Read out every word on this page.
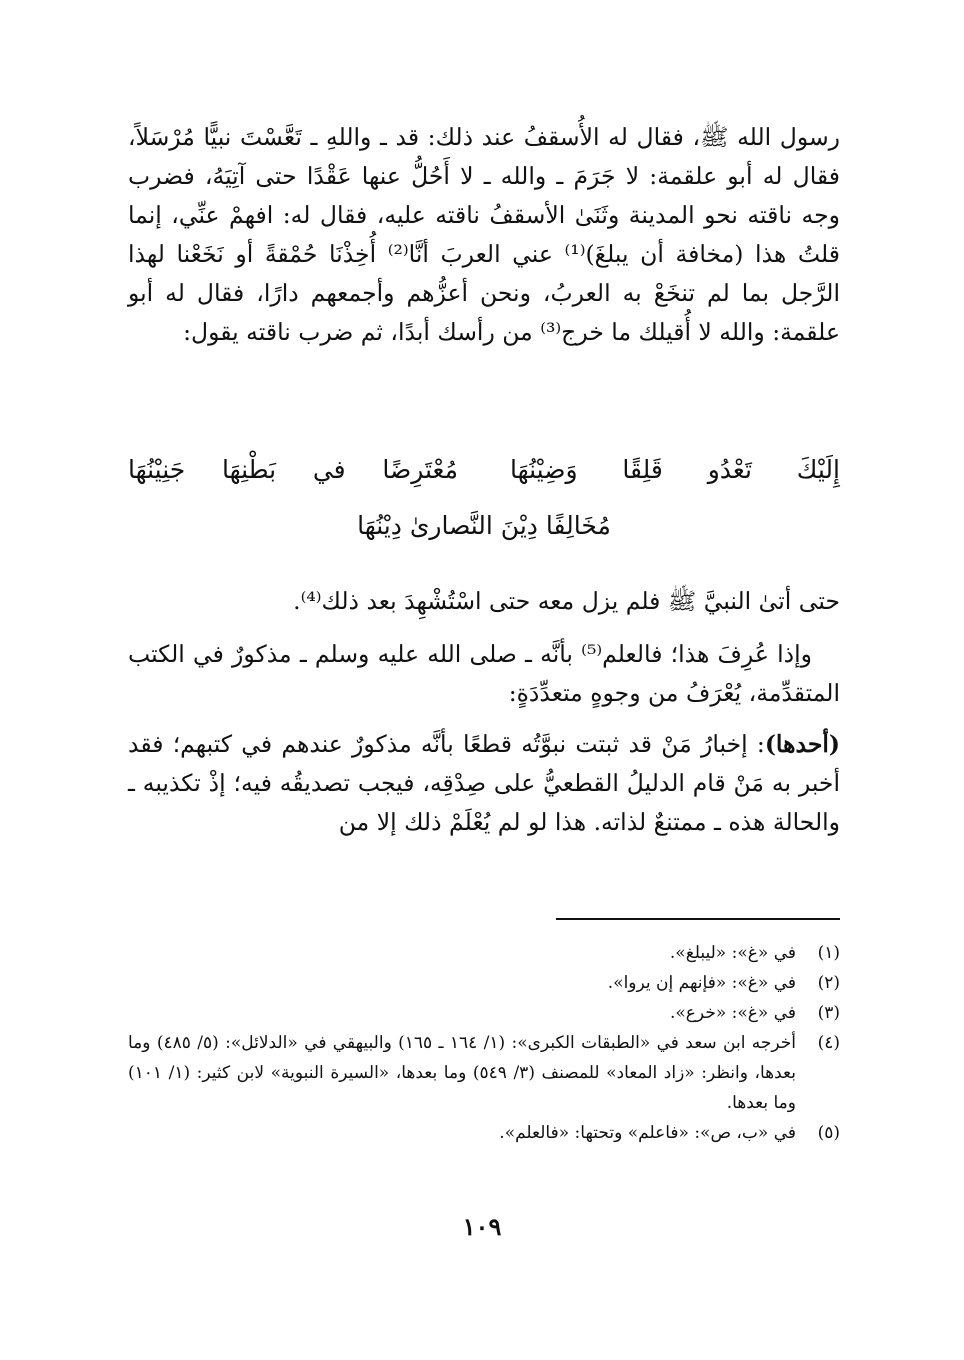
رسول الله ﷺ، فقال له الأُسقفُ عند ذلك: قد ـ واللهِ ـ تَعَّسْتَ نبيًّا مُرْسَلاً، فقال له أبو علقمة: لا جَرَمَ ـ والله ـ لا أَحُلُّ عنها عَقْدًا حتى آتِيَهُ، فضرب وجه ناقته نحو المدينة وثَنَىٰ الأسقفُ ناقته عليه، فقال له: افهمْ عنِّي، إنما قلتُ هذا (مخافة أن يبلغَ)⁽¹⁾ عني العربَ أنَّا⁽²⁾ أُخِذْنَا حُمْقةً أو نَخَعْنا لهذا الرَّجل بما لم تنخَعْ به العربُ، ونحن أعزُّهم وأجمعهم دارًا، فقال له أبو علقمة: والله لا أُقيلك ما خرج⁽³⁾ من رأسك أبدًا، ثم ضرب ناقته يقول:

إِلَيْكَ تَعْدُو قَلِقًا وَضِيْنُهَا
مُعْتَرِضًا في بَطْنِهَا جَنِيْنُهَا
مُخَالِفًا دِيْنَ النَّصارىٰ دِيْنُهَا

حتى أتىٰ النبيَّ ﷺ فلم يزل معه حتى اسْتُشْهِدَ بعد ذلك⁽⁴⁾.

وإذا عُرِفَ هذا؛ فالعلم⁽⁵⁾ بأنَّه ـ صلى الله عليه وسلم ـ مذكورٌ في الكتب المتقدِّمة، يُعْرَفُ من وجوهٍ متعدِّدَةٍ:

(أحدها): إخبارُ مَنْ قد ثبتت نبوَّتُه قطعًا بأنَّه مذكورٌ عندهم في كتبهم؛ فقد أخبر به مَنْ قام الدليلُ القطعيُّ على صِدْقِه، فيجب تصديقُه فيه؛ إذْ تكذيبه ـ والحالة هذه ـ ممتنعٌ لذاته. هذا لو لم يُعْلَمْ ذلك إلا من

(١)
في «غ»: «ليبلغ».
(٢)
في «غ»: «فإنهم إن يروا».
(٣)
في «غ»: «خرع».
(٤)
أخرجه ابن سعد في «الطبقات الكبرى»: (١/ ١٦٤ ـ ١٦٥) والبيهقي في «الدلائل»: (٥/ ٤٨٥) وما بعدها، وانظر: «زاد المعاد» للمصنف (٣/ ٥٤٩) وما بعدها، «السيرة النبوية» لابن كثير: (١/ ١٠١) وما بعدها.
(٥)
في «ب، ص»: «فاعلم» وتحتها: «فالعلم».
١٠٩
